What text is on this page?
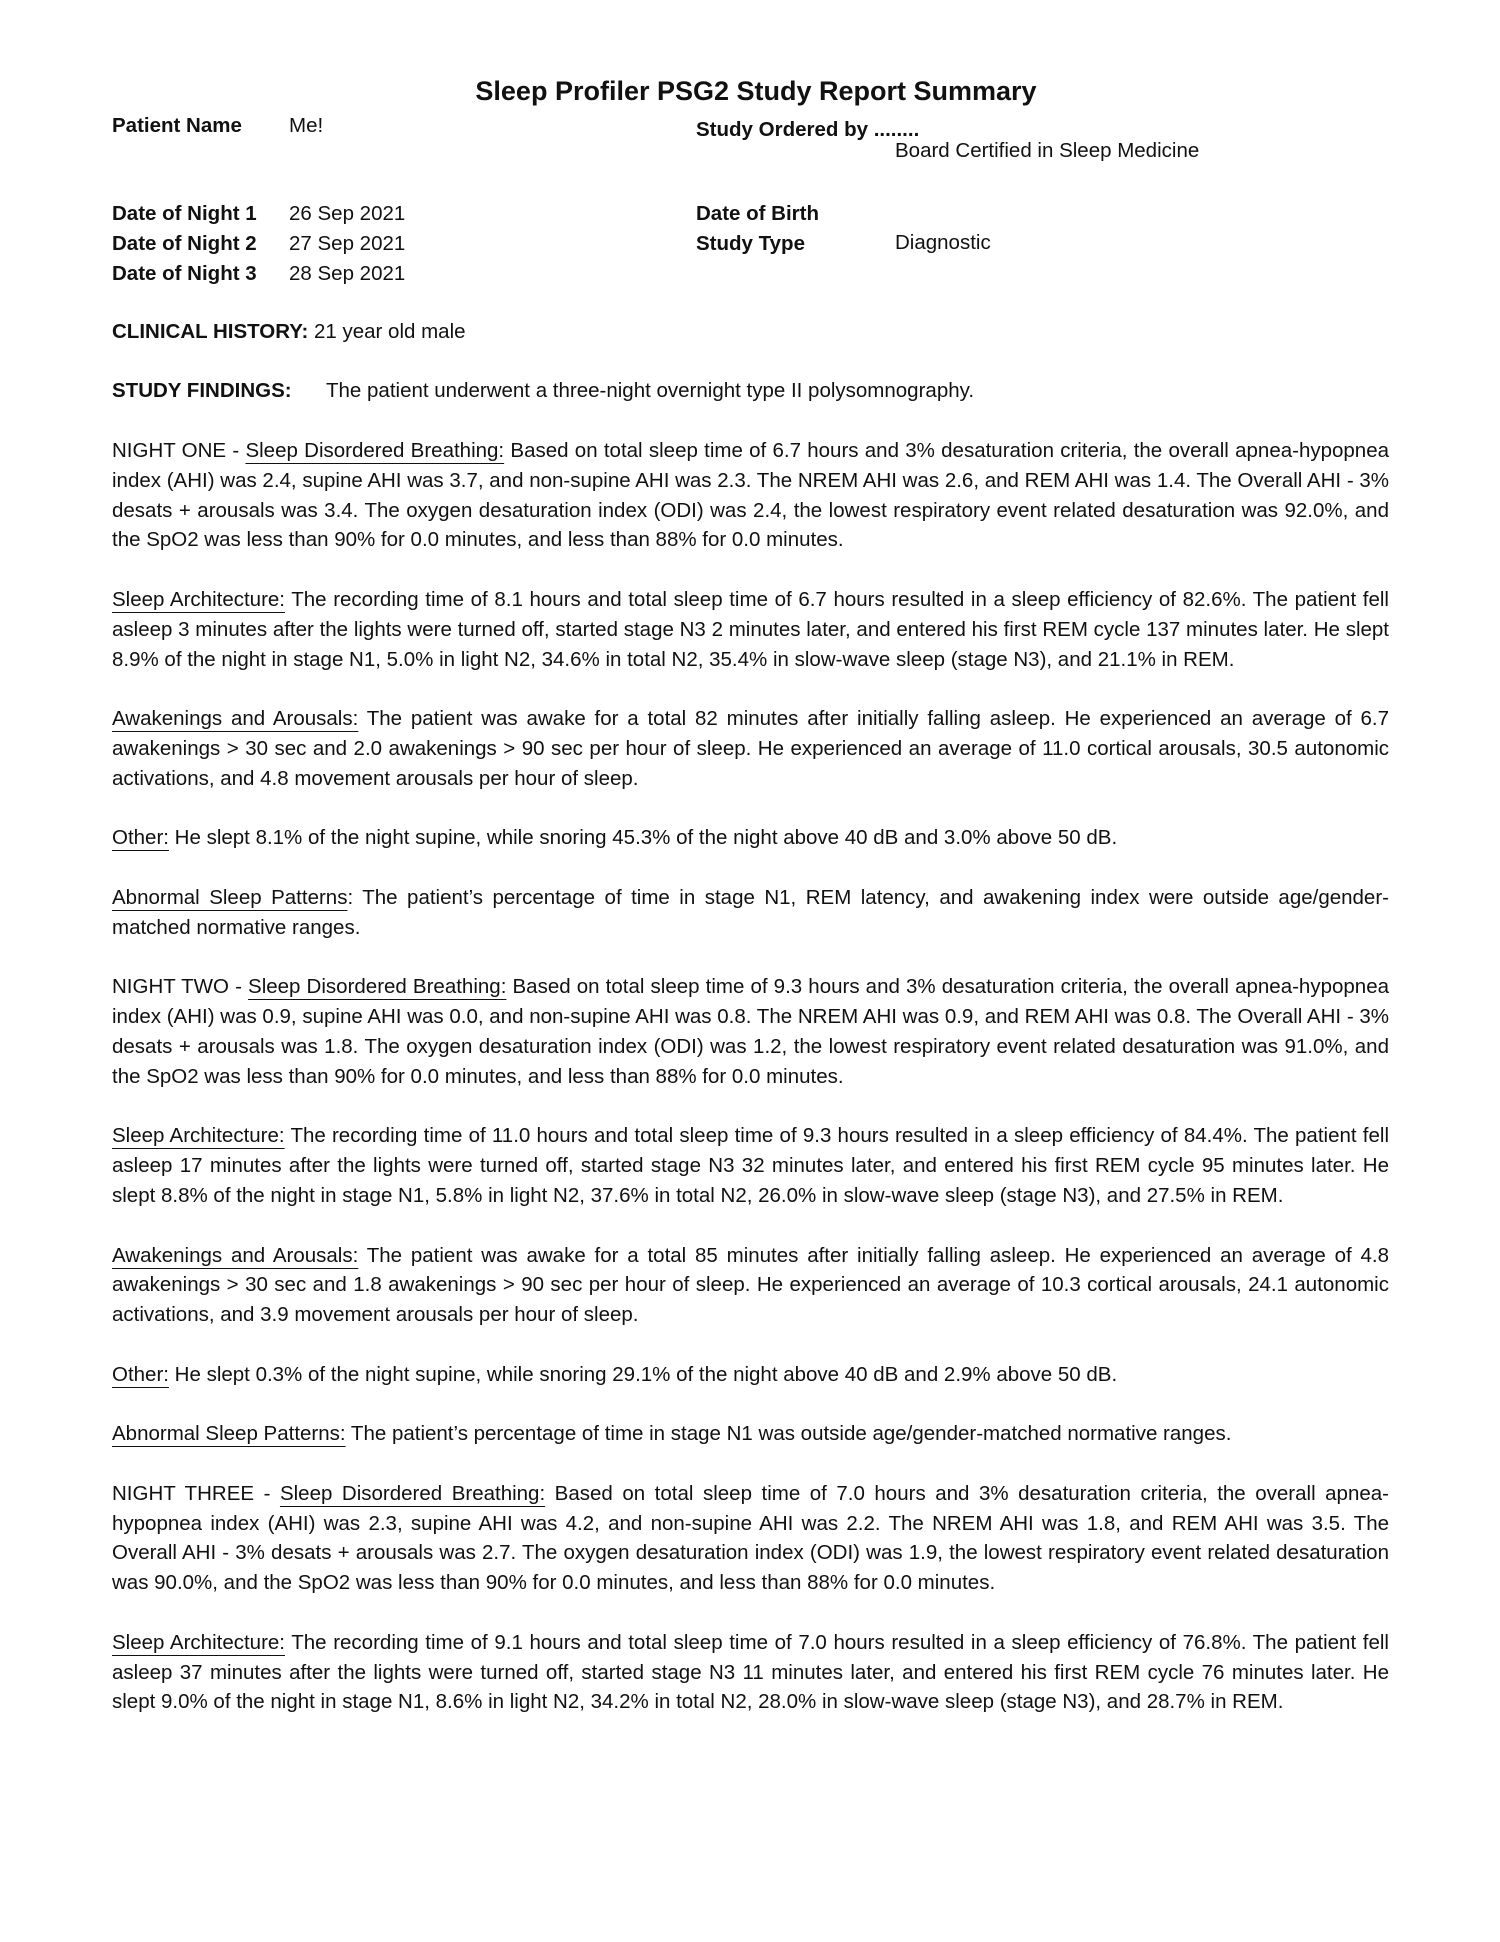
Sleep Profiler PSG2 Study Report Summary
Patient Name Me!	Study Ordered by ........
Board Certified in Sleep Medicine
Date of Night 1 26 Sep 2021
Date of Night 2 27 Sep 2021
Date of Night 3 28 Sep 2021
Date of Birth
Study Type	Diagnostic
CLINICAL HISTORY: 21 year old male
STUDY FINDINGS: The patient underwent a three-night overnight type II polysomnography.

NIGHT ONE - Sleep Disordered Breathing: Based on total sleep time of 6.7 hours and 3% desaturation criteria, the overall apnea-hypopnea index (AHI) was 2.4, supine AHI was 3.7, and non-supine AHI was 2.3. The NREM AHI was 2.6, and REM AHI was 1.4. The Overall AHI - 3% desats + arousals was 3.4. The oxygen desaturation index (ODI) was 2.4, the lowest respiratory event related desaturation was 92.0%, and the SpO2 was less than 90% for 0.0 minutes, and less than 88% for 0.0 minutes.

Sleep Architecture: The recording time of 8.1 hours and total sleep time of 6.7 hours resulted in a sleep efficiency of 82.6%. The patient fell asleep 3 minutes after the lights were turned off, started stage N3 2 minutes later, and entered his first REM cycle 137 minutes later. He slept 8.9% of the night in stage N1, 5.0% in light N2, 34.6% in total N2, 35.4% in slow-wave sleep (stage N3), and 21.1% in REM.

Awakenings and Arousals: The patient was awake for a total 82 minutes after initially falling asleep. He experienced an average of 6.7 awakenings > 30 sec and 2.0 awakenings > 90 sec per hour of sleep. He experienced an average of 11.0 cortical arousals, 30.5 autonomic activations, and 4.8 movement arousals per hour of sleep.

Other: He slept 8.1% of the night supine, while snoring 45.3% of the night above 40 dB and 3.0% above 50 dB.

Abnormal Sleep Patterns: The patient’s percentage of time in stage N1, REM latency, and awakening index were outside age/gender-matched normative ranges.

NIGHT TWO - Sleep Disordered Breathing: Based on total sleep time of 9.3 hours and 3% desaturation criteria, the overall apnea-hypopnea index (AHI) was 0.9, supine AHI was 0.0, and non-supine AHI was 0.8. The NREM AHI was 0.9, and REM AHI was 0.8. The Overall AHI - 3% desats + arousals was 1.8. The oxygen desaturation index (ODI) was 1.2, the lowest respiratory event related desaturation was 91.0%, and the SpO2 was less than 90% for 0.0 minutes, and less than 88% for 0.0 minutes.

Sleep Architecture: The recording time of 11.0 hours and total sleep time of 9.3 hours resulted in a sleep efficiency of 84.4%. The patient fell asleep 17 minutes after the lights were turned off, started stage N3 32 minutes later, and entered his first REM cycle 95 minutes later. He slept 8.8% of the night in stage N1, 5.8% in light N2, 37.6% in total N2, 26.0% in slow-wave sleep (stage N3), and 27.5% in REM.

Awakenings and Arousals: The patient was awake for a total 85 minutes after initially falling asleep. He experienced an average of 4.8 awakenings > 30 sec and 1.8 awakenings > 90 sec per hour of sleep. He experienced an average of 10.3 cortical arousals, 24.1 autonomic activations, and 3.9 movement arousals per hour of sleep.

Other: He slept 0.3% of the night supine, while snoring 29.1% of the night above 40 dB and 2.9% above 50 dB.

Abnormal Sleep Patterns: The patient’s percentage of time in stage N1 was outside age/gender-matched normative ranges.

NIGHT THREE - Sleep Disordered Breathing: Based on total sleep time of 7.0 hours and 3% desaturation criteria, the overall apnea-hypopnea index (AHI) was 2.3, supine AHI was 4.2, and non-supine AHI was 2.2. The NREM AHI was 1.8, and REM AHI was 3.5. The Overall AHI - 3% desats + arousals was 2.7. The oxygen desaturation index (ODI) was 1.9, the lowest respiratory event related desaturation was 90.0%, and the SpO2 was less than 90% for 0.0 minutes, and less than 88% for 0.0 minutes.

Sleep Architecture: The recording time of 9.1 hours and total sleep time of 7.0 hours resulted in a sleep efficiency of 76.8%. The patient fell asleep 37 minutes after the lights were turned off, started stage N3 11 minutes later, and entered his first REM cycle 76 minutes later. He slept 9.0% of the night in stage N1, 8.6% in light N2, 34.2% in total N2, 28.0% in slow-wave sleep (stage N3), and 28.7% in REM.
